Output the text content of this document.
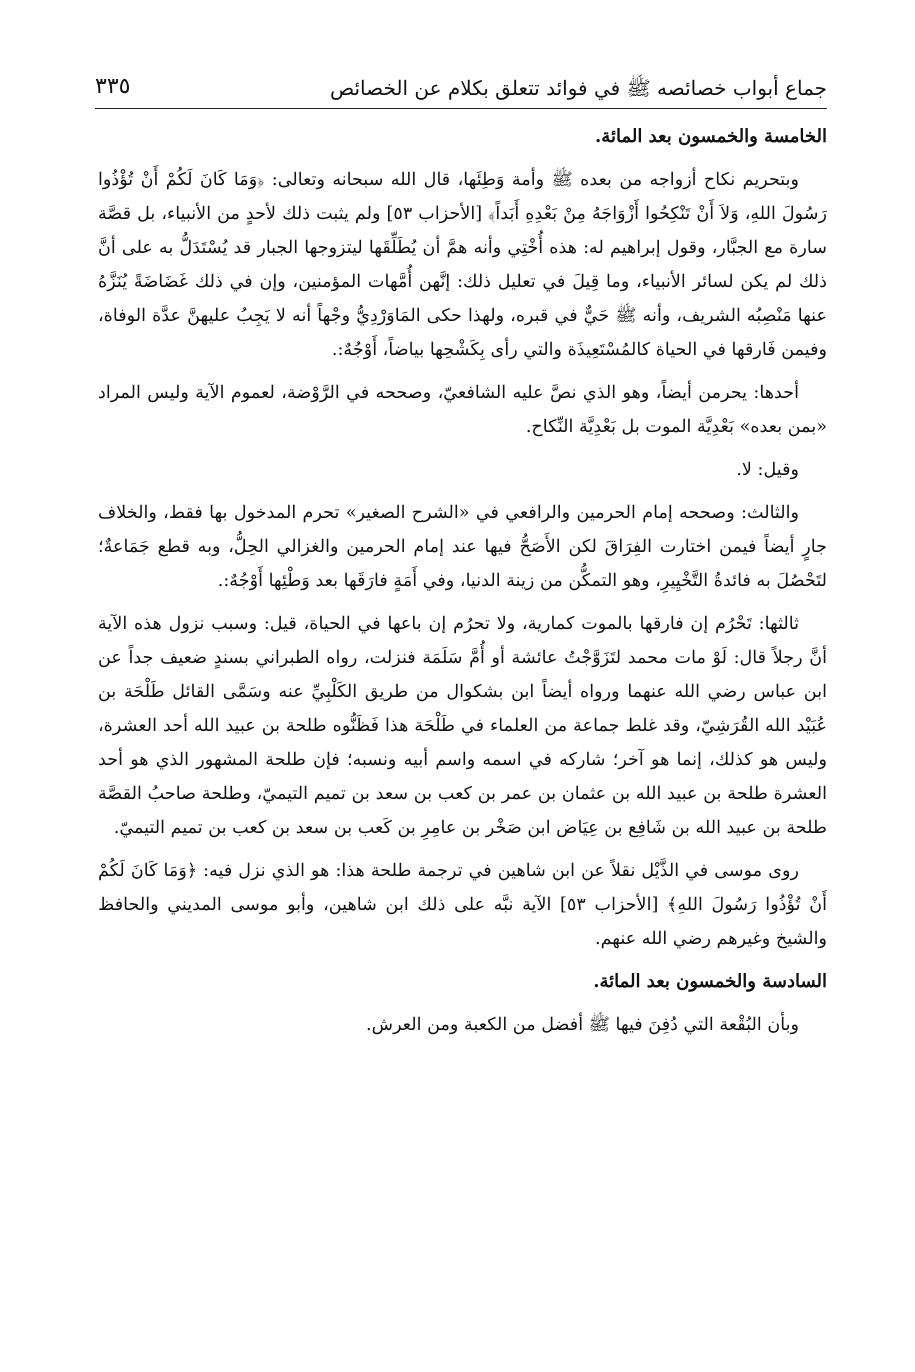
جماع أبواب خصائصه ﷺ في فوائد تتعلق بكلام عن الخصائص
٣٣٥

الخامسة والخمسون بعد المائة.

وبتحريم نكاح أزواجه من بعده ﷺ وأمة وَطِئَها، قال الله سبحانه وتعالى: ﴿وَمَا كَانَ لَكُمْ أَنْ تُؤْذُوا رَسُولَ اللهِ، وَلاَ أَنْ تَنْكِحُوا أَزْوَاجَهُ مِنْ بَعْدِهِ أَبَداً﴾ [الأحزاب ٥٣] ولم يثبت ذلك لأحدٍ من الأنبياء، بل قصَّة سارة مع الجبَّار، وقول إبراهيم له: هذه أُخْتِي وأنه همَّ أن يُطَلِّقَها ليتزوجها الجبار قد يُسْتَدَلُّ به على أنَّ ذلك لم يكن لسائر الأنبياء، وما قِيلَ في تعليل ذلك: إنَّهن أُمَّهات المؤمنين، وإن في ذلك غَضَاضَةً يُنَزَّهُ عنها مَنْصِبُه الشريف، وأنه ﷺ حَيٌّ في قبره، ولهذا حكى المَاوَرْدِيُّ وجْهاً أنه لا يَجِبُ عليهنَّ عدَّة الوفاة، وفيمن فَارقها في الحياة كالمُسْتَعِيذَة والتي رأى بِكَشْحِها بياضاً، أَوْجُهٌ:.

أحدها: يحرمن أيضاً، وهو الذي نصَّ عليه الشافعيّ، وصححه في الرَّوْضة، لعموم الآية وليس المراد «بمن بعده» بَعْدِيَّة الموت بل بَعْدِيَّة النِّكاح.

وقيل: لا.

والثالث: وصححه إمام الحرمين والرافعي في «الشرح الصغير» تحرم المدخول بها فقط، والخلاف جارٍ أيضاً فيمن اختارت الفِرَاقَ لكن الأَصَحُّ فيها عند إمام الحرمين والغزالي الحِلُّ، وبه قطع جَمَاعةٌ؛ لتَحْصُلَ به فائدةُ التَّخْيِيرِ، وهو التمكُّن من زينة الدنيا، وفي أَمَةٍ فارَقَها بعد وَطْئِها أَوْجُهٌ:.

ثالثها: تَحْرُم إن فارقها بالموت كمارية، ولا تحرُم إن باعها في الحياة، قيل: وسبب نزول هذه الآية أنَّ رجلاً قال: لَوْ مات محمد لتَزَوَّجْتُ عائشة أو أُمَّ سَلَمَة فنزلت، رواه الطبراني بسندٍ ضعيف جداً عن ابن عباس رضي الله عنهما ورواه أيضاً ابن بشكوال من طريق الكَلْبِيِّ عنه وسَمَّى القائل طَلْحَة بن عُبَيْد الله القُرَشِيّ، وقد غلط جماعة من العلماء في طَلْحَة هذا فَظَنُّوه طلحة بن عبيد الله أحد العشرة، وليس هو كذلك، إنما هو آخر؛ شاركه في اسمه واسم أبيه ونسبه؛ فإن طلحة المشهور الذي هو أحد العشرة طلحة بن عبيد الله بن عثمان بن عمر بن كعب بن سعد بن تميم التيميّ، وطلحة صاحبُ القصَّة طلحة بن عبيد الله بن شَافِع بن عِيَاض ابن صَخْر بن عامِرِ بن كَعب بن سعد بن كعب بن تميم التيميّ.

روى موسى في الذَّيْل نقلاً عن ابن شاهين في ترجمة طلحة هذا: هو الذي نزل فيه: ﴿وَمَا كَانَ لَكُمْ أَنْ تُؤْذُوا رَسُولَ اللهِ﴾ [الأحزاب ٥٣] الآية نبَّه على ذلك ابن شاهين، وأبو موسى المديني والحافظ والشيخ وغيرهم رضي الله عنهم.

السادسة والخمسون بعد المائة.

وبأن البُقْعة التي دُفِنَ فيها ﷺ أفضل من الكعبة ومن العرش.
